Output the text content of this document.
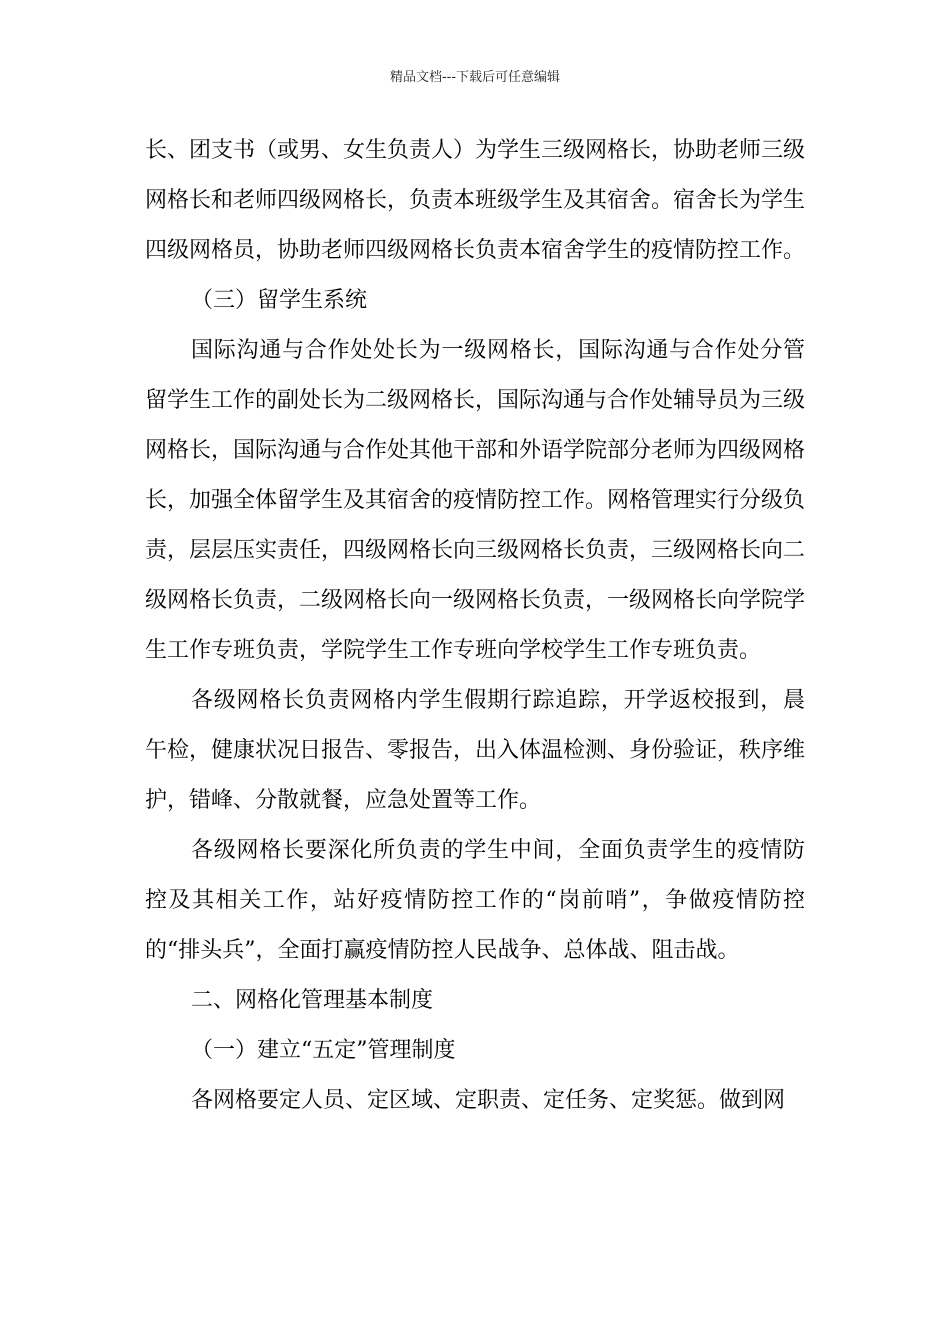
精品文档---下载后可任意编辑

长、团支书（或男、女生负责人）为学生三级网格长，协助老师三级网格长和老师四级网格长，负责本班级学生及其宿舍。宿舍长为学生四级网格员，协助老师四级网格长负责本宿舍学生的疫情防控工作。

（三）留学生系统

国际沟通与合作处处长为一级网格长，国际沟通与合作处分管留学生工作的副处长为二级网格长，国际沟通与合作处辅导员为三级网格长，国际沟通与合作处其他干部和外语学院部分老师为四级网格长，加强全体留学生及其宿舍的疫情防控工作。网格管理实行分级负责，层层压实责任，四级网格长向三级网格长负责，三级网格长向二级网格长负责，二级网格长向一级网格长负责，一级网格长向学院学生工作专班负责，学院学生工作专班向学校学生工作专班负责。

各级网格长负责网格内学生假期行踪追踪，开学返校报到，晨午检，健康状况日报告、零报告，出入体温检测、身份验证，秩序维护，错峰、分散就餐，应急处置等工作。

各级网格长要深化所负责的学生中间，全面负责学生的疫情防控及其相关工作，站好疫情防控工作的“岗前哨”，争做疫情防控的“排头兵”，全面打赢疫情防控人民战争、总体战、阻击战。

二、网格化管理基本制度

（一）建立“五定”管理制度

各网格要定人员、定区域、定职责、定任务、定奖惩。做到网
